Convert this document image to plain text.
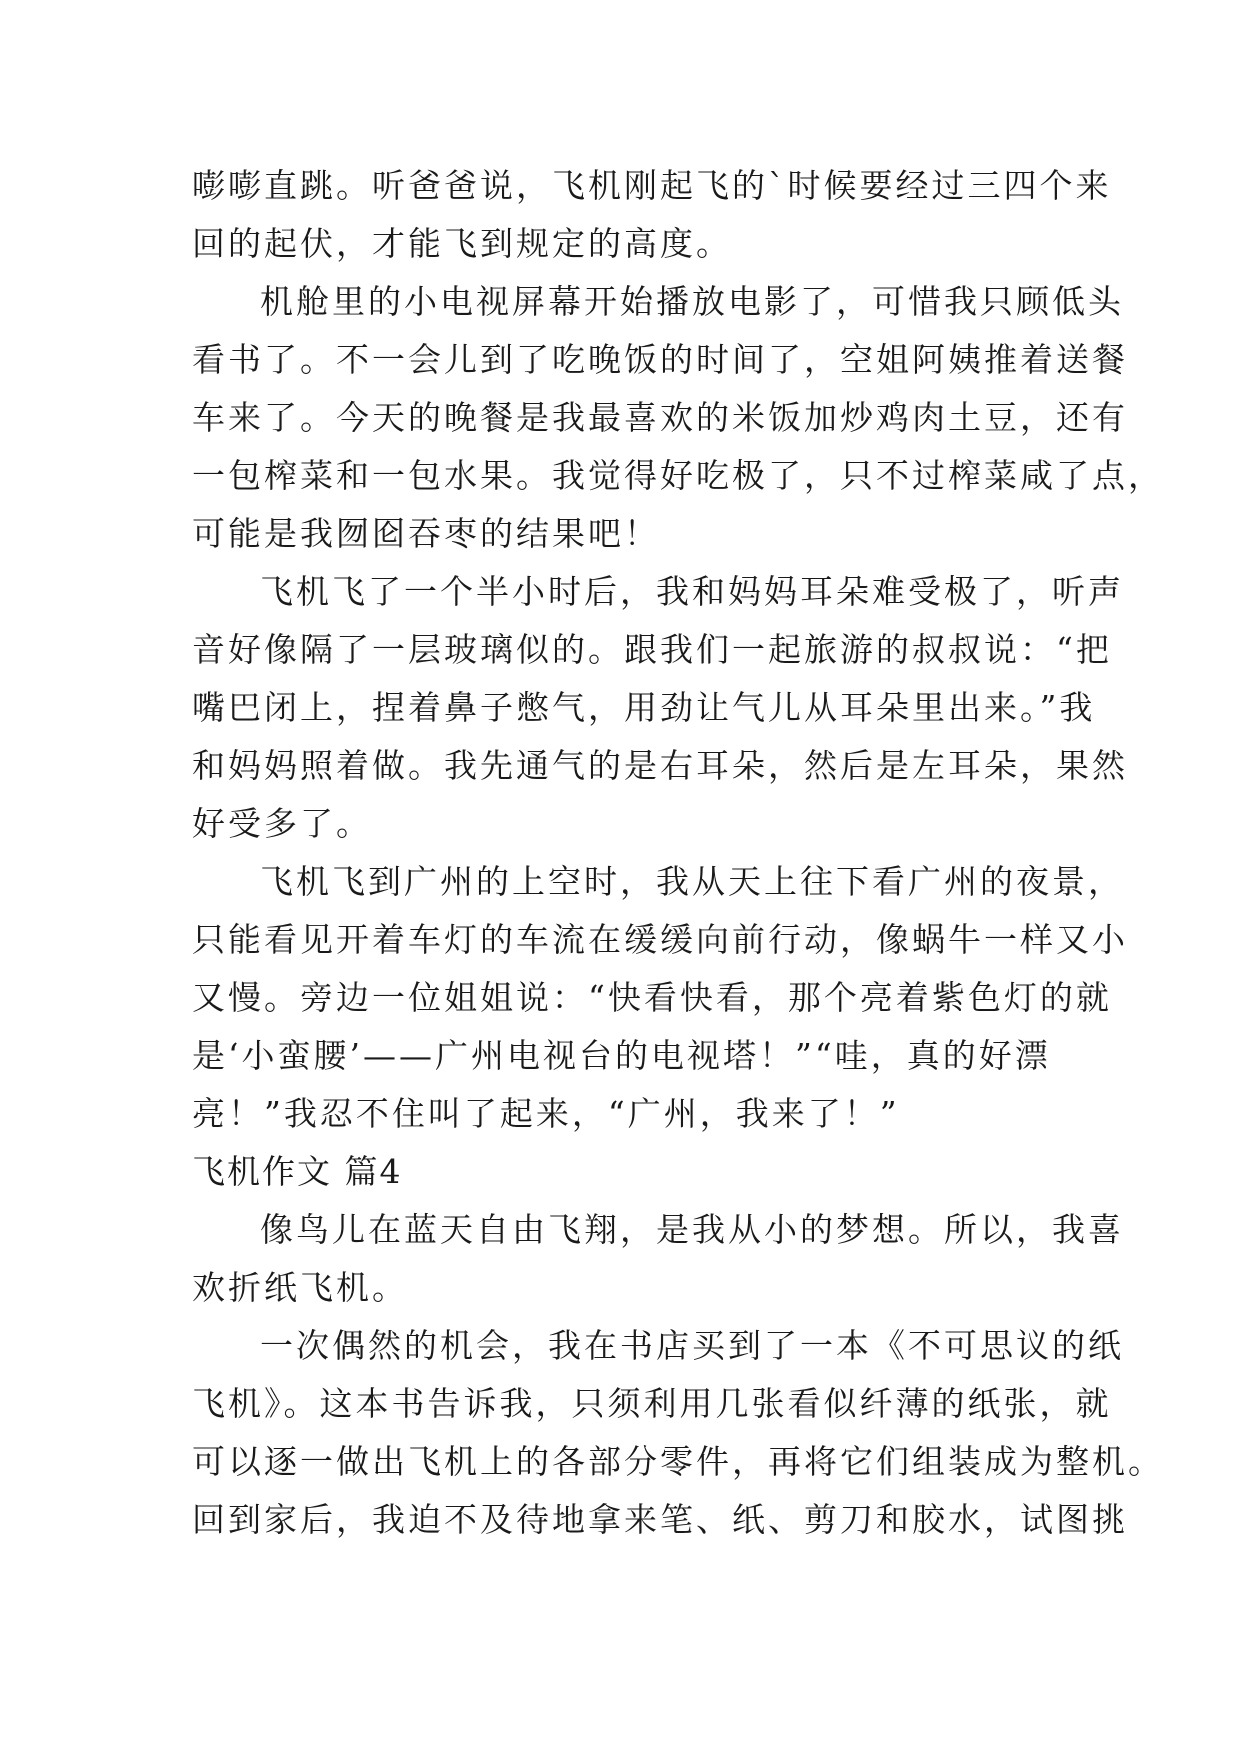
嘭嘭直跳。听爸爸说，飞机刚起飞的`时候要经过三四个来
回的起伏，才能飞到规定的高度。
机舱里的小电视屏幕开始播放电影了，可惜我只顾低头
看书了。不一会儿到了吃晚饭的时间了，空姐阿姨推着送餐
车来了。今天的晚餐是我最喜欢的米饭加炒鸡肉土豆，还有
一包榨菜和一包水果。我觉得好吃极了，只不过榨菜咸了点，
可能是我囫囵吞枣的结果吧！
飞机飞了一个半小时后，我和妈妈耳朵难受极了，听声
音好像隔了一层玻璃似的。跟我们一起旅游的叔叔说：“把
嘴巴闭上，捏着鼻子憋气，用劲让气儿从耳朵里出来。”我
和妈妈照着做。我先通气的是右耳朵，然后是左耳朵，果然
好受多了。
飞机飞到广州的上空时，我从天上往下看广州的夜景，
只能看见开着车灯的车流在缓缓向前行动，像蜗牛一样又小
又慢。旁边一位姐姐说：“快看快看，那个亮着紫色灯的就
是‘小蛮腰’——广州电视台的电视塔！”“哇，真的好漂
亮！”我忍不住叫了起来，“广州，我来了！”
飞机作文 篇4
像鸟儿在蓝天自由飞翔，是我从小的梦想。所以，我喜
欢折纸飞机。
一次偶然的机会，我在书店买到了一本《不可思议的纸
飞机》。这本书告诉我，只须利用几张看似纤薄的纸张，就
可以逐一做出飞机上的各部分零件，再将它们组装成为整机。
回到家后，我迫不及待地拿来笔、纸、剪刀和胶水，试图挑
